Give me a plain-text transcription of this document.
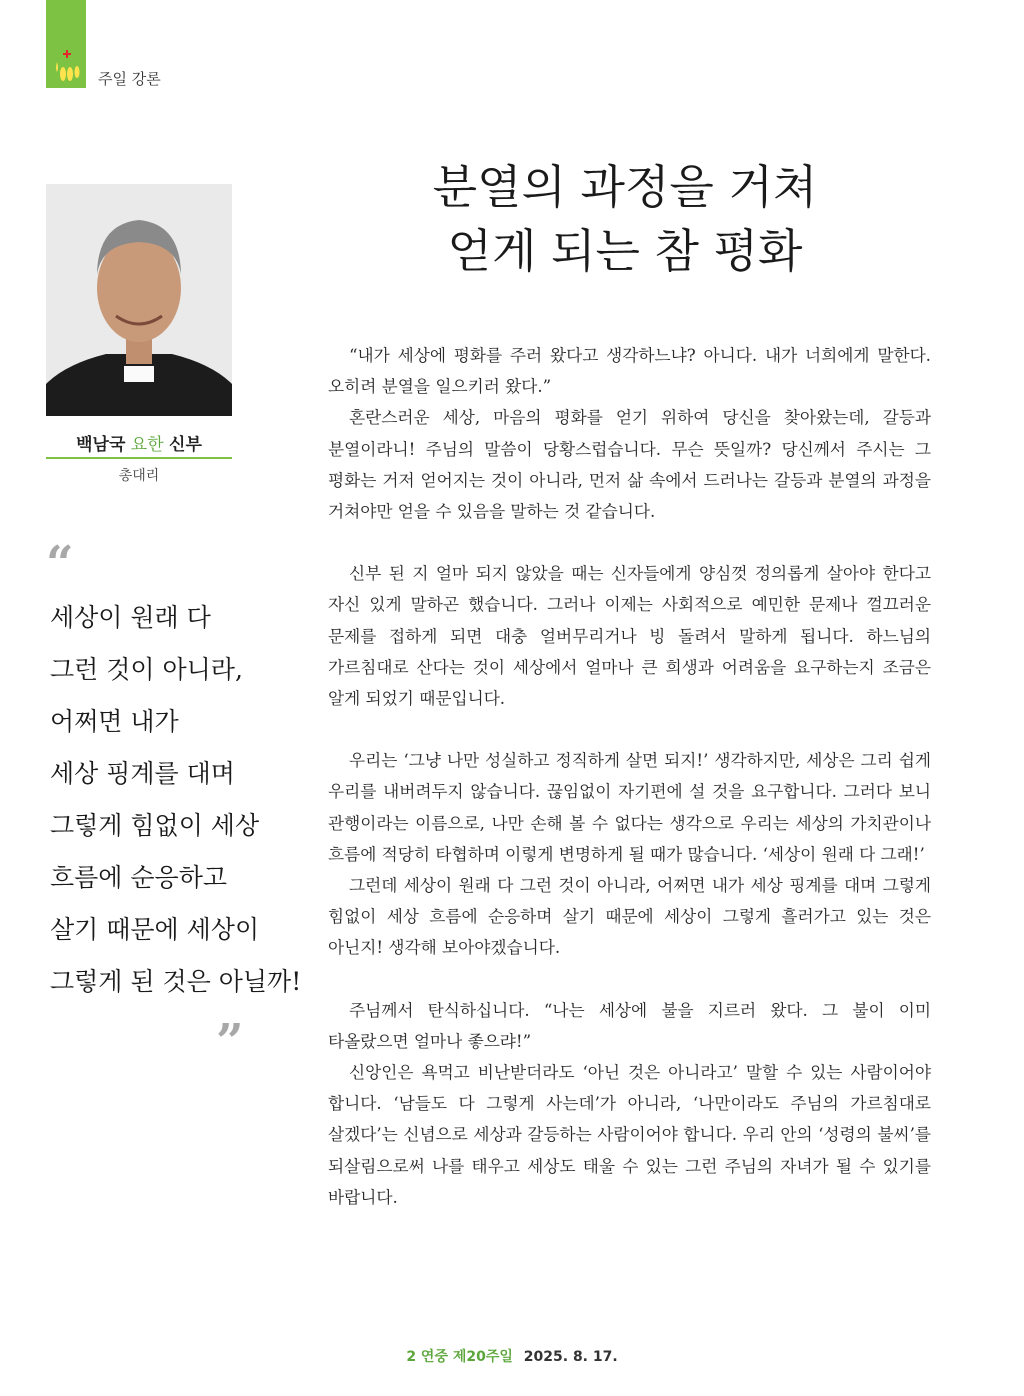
주일 강론
분열의 과정을 거쳐
얻게 되는 참 평화
백남국 요한 신부
총대리
“
세상이 원래 다
그런 것이 아니라,
어쩌면 내가
세상 핑계를 대며
그렇게 힘없이 세상
흐름에 순응하고
살기 때문에 세상이
그렇게 된 것은 아닐까!
”

“내가 세상에 평화를 주러 왔다고 생각하느냐? 아니다. 내가 너희에게 말한다. 오히려 분열을 일으키러 왔다.”

혼란스러운 세상, 마음의 평화를 얻기 위하여 당신을 찾아왔는데, 갈등과 분열이라니! 주님의 말씀이 당황스럽습니다. 무슨 뜻일까? 당신께서 주시는 그 평화는 거저 얻어지는 것이 아니라, 먼저 삶 속에서 드러나는 갈등과 분열의 과정을 거쳐야만 얻을 수 있음을 말하는 것 같습니다.

신부 된 지 얼마 되지 않았을 때는 신자들에게 양심껏 정의롭게 살아야 한다고 자신 있게 말하곤 했습니다. 그러나 이제는 사회적으로 예민한 문제나 껄끄러운 문제를 접하게 되면 대충 얼버무리거나 빙 돌려서 말하게 됩니다. 하느님의 가르침대로 산다는 것이 세상에서 얼마나 큰 희생과 어려움을 요구하는지 조금은 알게 되었기 때문입니다.

우리는 ‘그냥 나만 성실하고 정직하게 살면 되지!’ 생각하지만, 세상은 그리 쉽게 우리를 내버려두지 않습니다. 끊임없이 자기편에 설 것을 요구합니다. 그러다 보니 관행이라는 이름으로, 나만 손해 볼 수 없다는 생각으로 우리는 세상의 가치관이나 흐름에 적당히 타협하며 이렇게 변명하게 될 때가 많습니다. ‘세상이 원래 다 그래!’

그런데 세상이 원래 다 그런 것이 아니라, 어쩌면 내가 세상 핑계를 대며 그렇게 힘없이 세상 흐름에 순응하며 살기 때문에 세상이 그렇게 흘러가고 있는 것은 아닌지! 생각해 보아야겠습니다.

주님께서 탄식하십니다. “나는 세상에 불을 지르러 왔다. 그 불이 이미 타올랐으면 얼마나 좋으랴!”

신앙인은 욕먹고 비난받더라도 ‘아닌 것은 아니라고’ 말할 수 있는 사람이어야 합니다. ‘남들도 다 그렇게 사는데’가 아니라, ‘나만이라도 주님의 가르침대로 살겠다’는 신념으로 세상과 갈등하는 사람이어야 합니다. 우리 안의 ‘성령의 불씨’를 되살림으로써 나를 태우고 세상도 태울 수 있는 그런 주님의 자녀가 될 수 있기를 바랍니다.

2 연중 제20주일 2025. 8. 17.
